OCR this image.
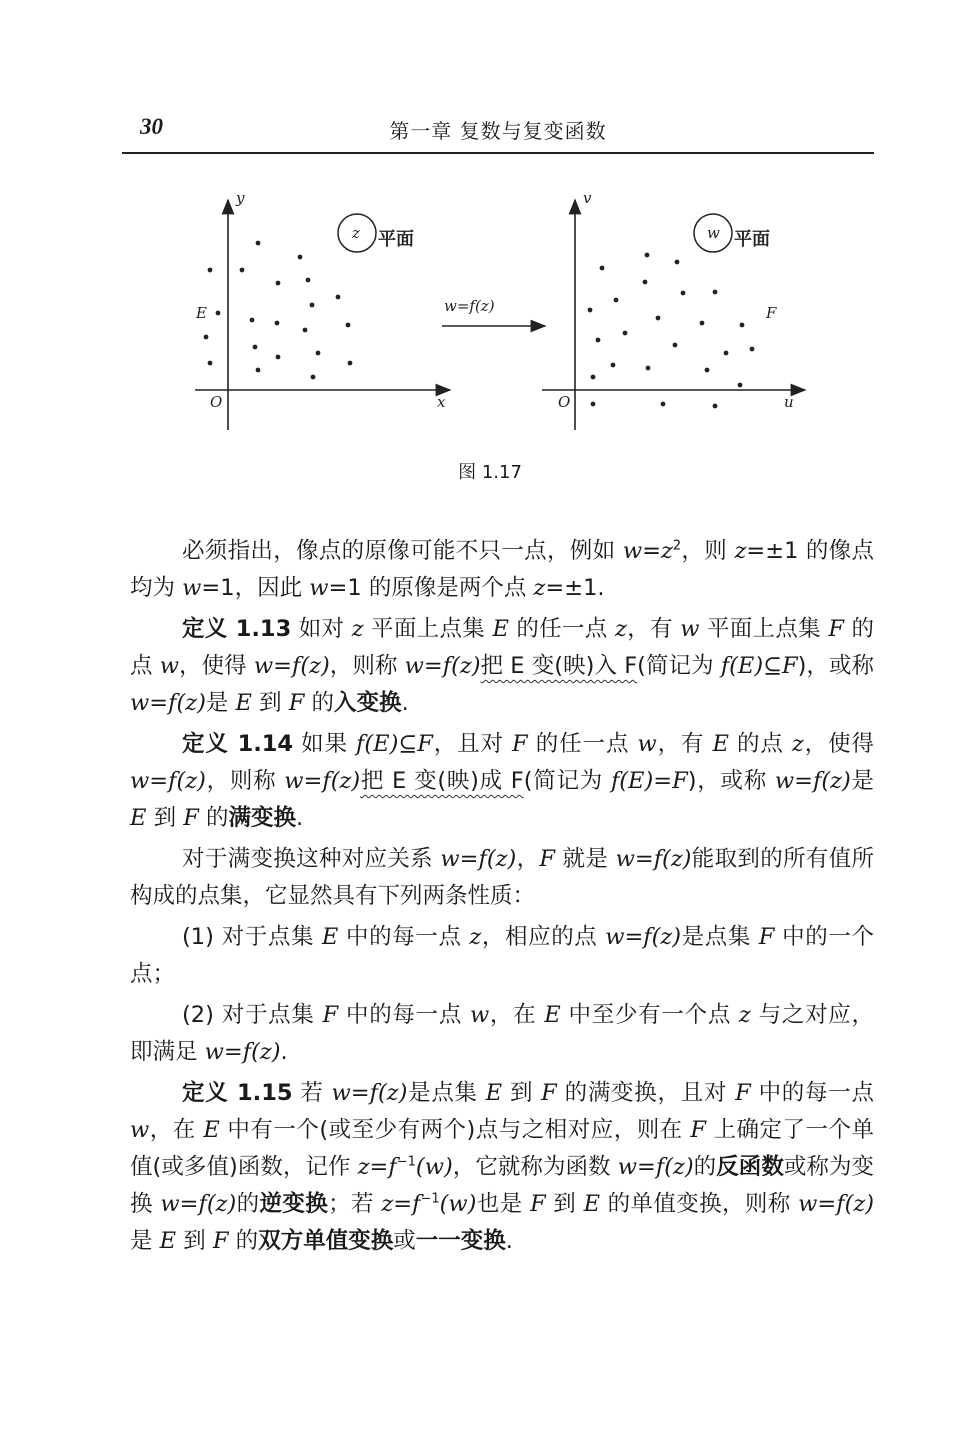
30	第一章 复数与复变函数
y
x
O
z 平面
E	w=f(z)
v
u
O
w 平面
F
图 1.17

必须指出，像点的原像可能不只一点，例如 $w=z^2$，则 z=±1 的像点均为 w=1，因此 w=1 的原像是两个点 z=±1.

定义 1.13 如对 z 平面上点集 E 的任一点 z，有 w 平面上点集 F 的点 w，使得 w=f(z)，则称 w=f(z)把 E 变(映)入 F(简记为 f(E)⊆F)，或称 w=f(z)是 E 到 F 的入变换.

定义 1.14 如果 f(E)⊆F，且对 F 的任一点 w，有 E 的点 z，使得 w=f(z)，则称 w=f(z)把 E 变(映)成 F(简记为 f(E)=F)，或称 w=f(z)是 E 到 F 的满变换.

对于满变换这种对应关系 w=f(z)，F 就是 w=f(z)能取到的所有值所构成的点集，它显然具有下列两条性质：

(1) 对于点集 E 中的每一点 z，相应的点 w=f(z)是点集 F 中的一个点；

(2) 对于点集 F 中的每一点 w，在 E 中至少有一个点 z 与之对应，即满足 w=f(z).

定义 1.15 若 w=f(z)是点集 E 到 F 的满变换，且对 F 中的每一点 w，在 E 中有一个(或至少有两个)点与之相对应，则在 F 上确定了一个单值(或多值)函数，记作 $z=f^{-1}(w)$，它就称为函数 w=f(z)的反函数或称为变换 w=f(z)的逆变换；若 $z=f^{-1}(w)$也是 F 到 E 的单值变换，则称 w=f(z)是 E 到 F 的双方单值变换或一一变换.
